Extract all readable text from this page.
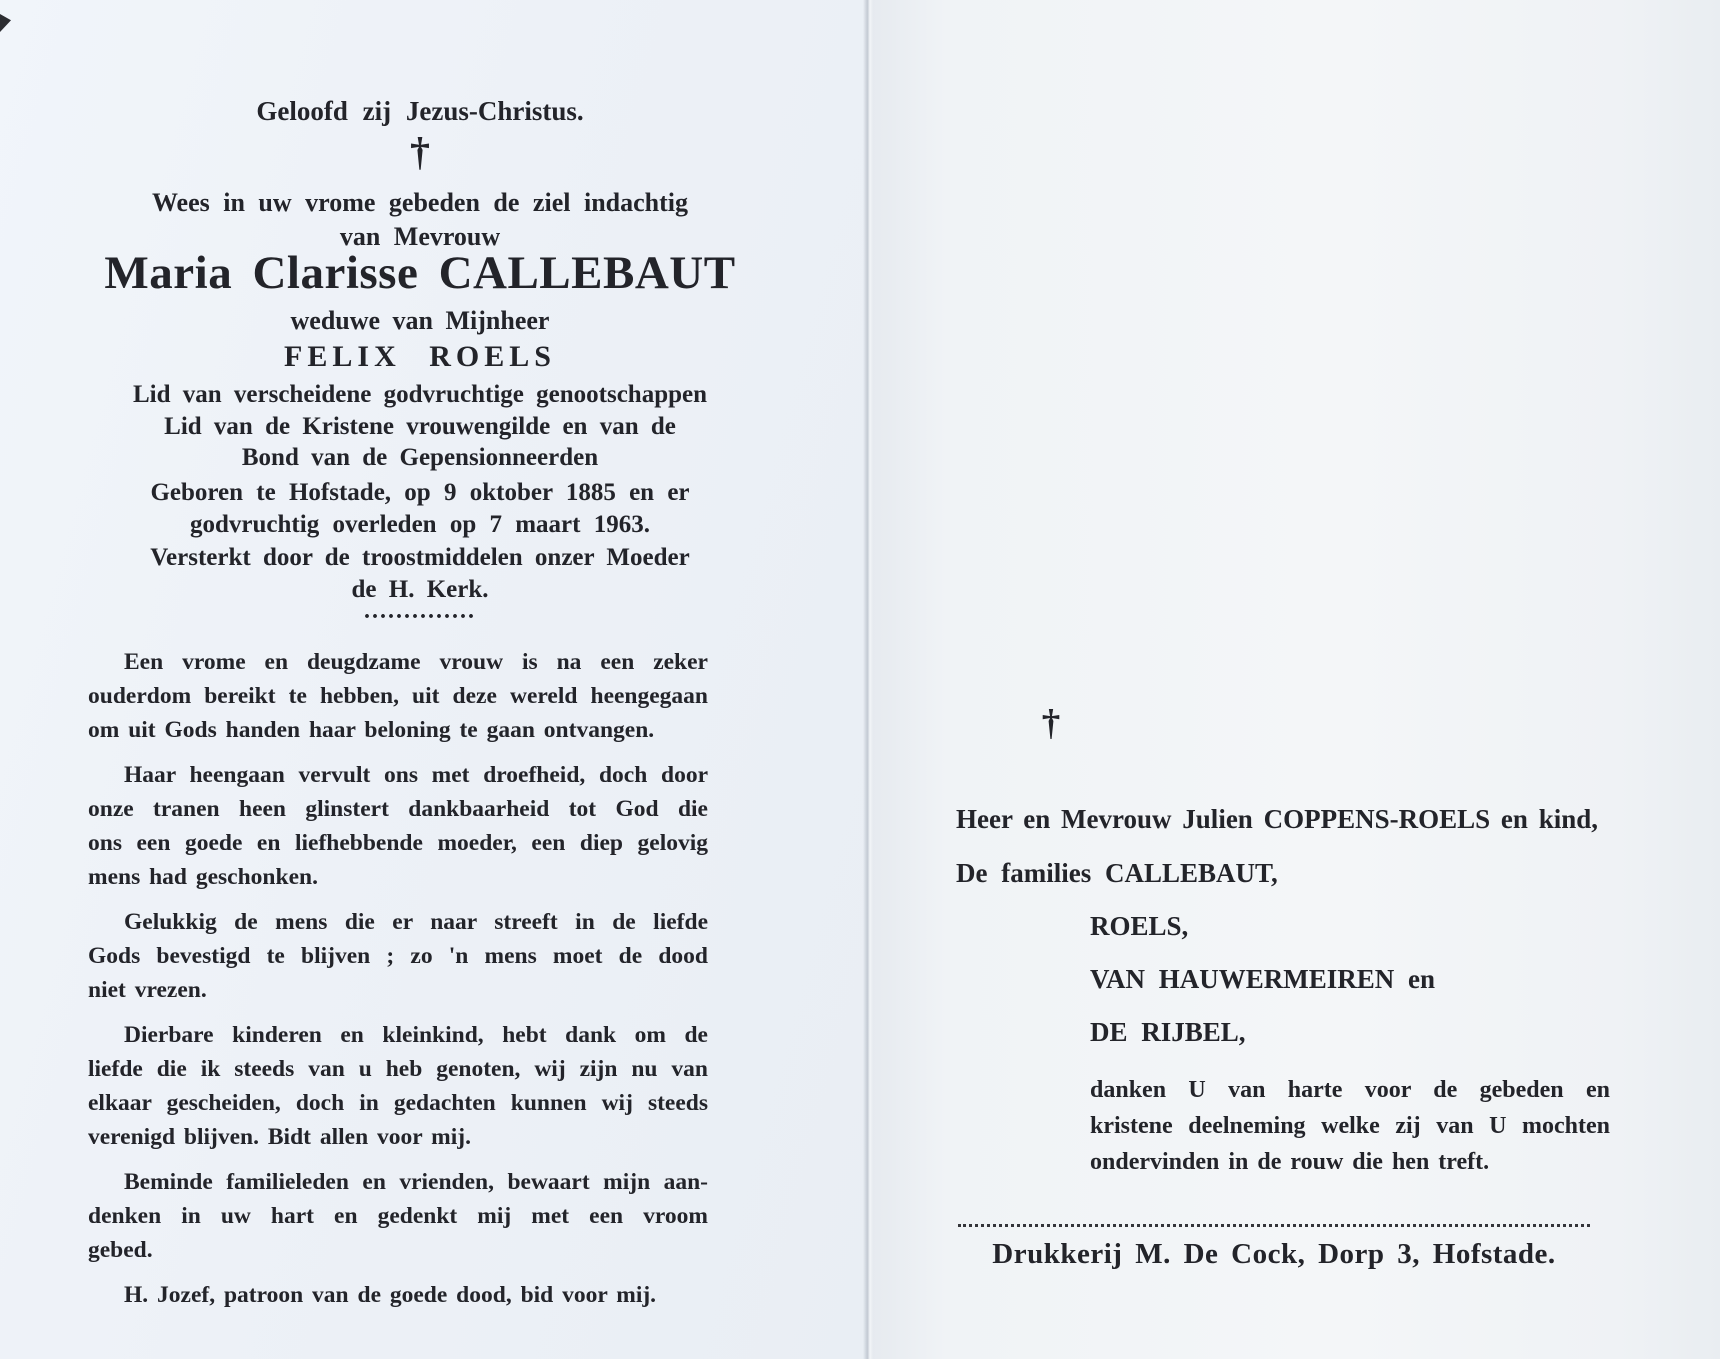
Geloofd zij Jezus-Christus.
†
Wees in uw vrome gebeden de ziel indachtig
van Mevrouw
Maria Clarisse CALLEBAUT
weduwe van Mijnheer
FELIX ROELS
Lid van verscheidene godvruchtige genootschappen
Lid van de Kristene vrouwengilde en van de
Bond van de Gepensionneerden
Geboren te Hofstade, op 9 oktober 1885 en er
godvruchtig overleden op 7 maart 1963.
Versterkt door de troostmiddelen onzer Moeder
de H. Kerk.
..............
Een vrome en deugdzame vrouw is na een zeker
ouderdom bereikt te hebben, uit deze wereld heengegaan
om uit Gods handen haar beloning te gaan ontvangen.
Haar heengaan vervult ons met droefheid, doch door
onze tranen heen glinstert dankbaarheid tot God die
ons een goede en liefhebbende moeder, een diep gelovig
mens had geschonken.
Gelukkig de mens die er naar streeft in de liefde
Gods bevestigd te blijven ; zo 'n mens moet de dood
niet vrezen.
Dierbare kinderen en kleinkind, hebt dank om de
liefde die ik steeds van u heb genoten, wij zijn nu van
elkaar gescheiden, doch in gedachten kunnen wij steeds
verenigd blijven. Bidt allen voor mij.
Beminde familieleden en vrienden, bewaart mijn aan-
denken in uw hart en gedenkt mij met een vroom
gebed.
H. Jozef, patroon van de goede dood, bid voor mij.
†
Heer en Mevrouw Julien COPPENS-ROELS en kind,
De families CALLEBAUT,
ROELS,
VAN HAUWERMEIREN en
DE RIJBEL,
danken U van harte voor de gebeden en
kristene deelneming welke zij van U mochten
ondervinden in de rouw die hen treft.
Drukkerij M. De Cock, Dorp 3, Hofstade.
